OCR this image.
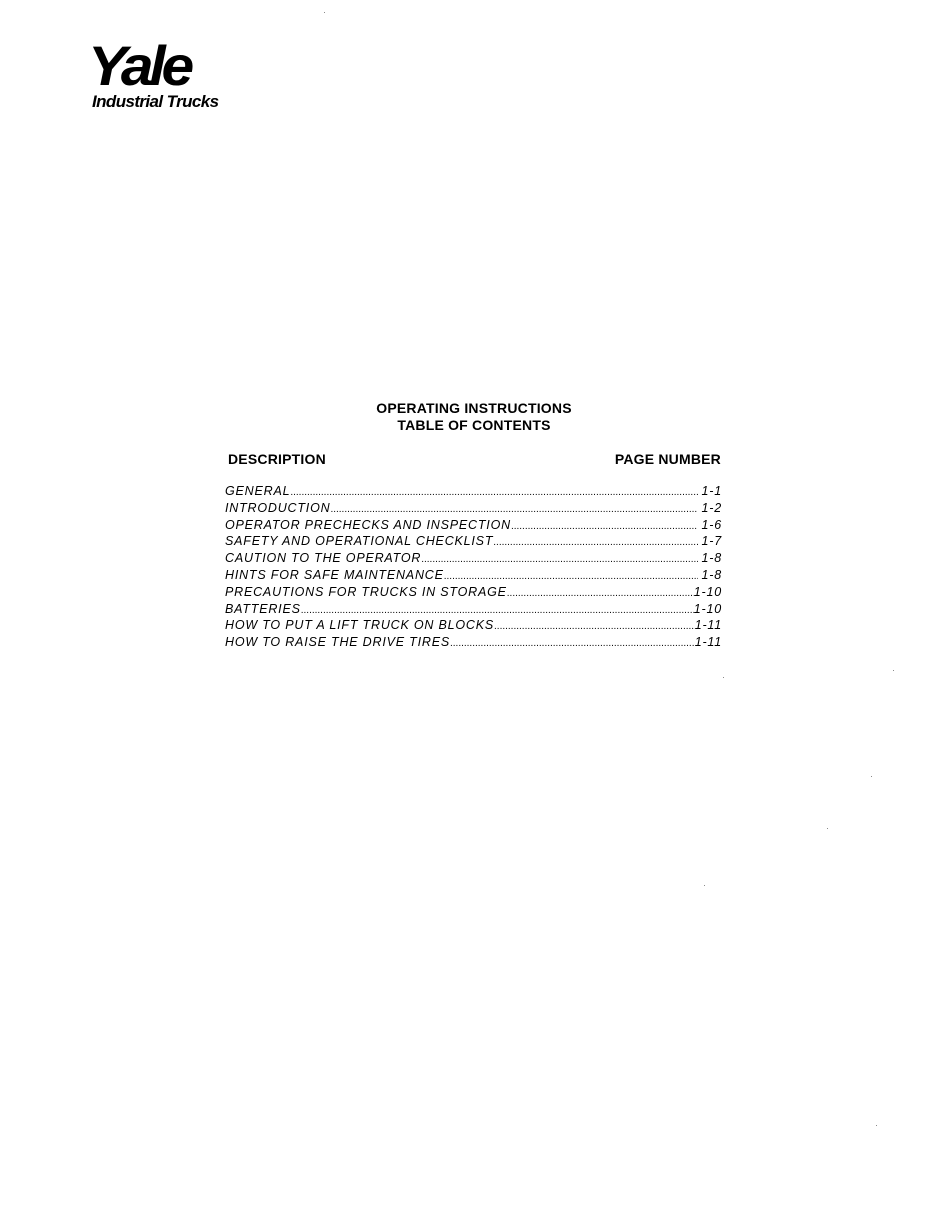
Yale
Industrial Trucks
OPERATING INSTRUCTIONS
TABLE OF CONTENTS
DESCRIPTION	PAGE NUMBER
GENERAL .....	1-1
INTRODUCTION .....	1-2
OPERATOR PRECHECKS AND INSPECTION .....	1-6
SAFETY AND OPERATIONAL CHECKLIST .....	1-7
CAUTION TO THE OPERATOR .....	1-8
HINTS FOR SAFE MAINTENANCE .....	1-8
PRECAUTIONS FOR TRUCKS IN STORAGE .....	1-10
BATTERIES .....	1-10
HOW TO PUT A LIFT TRUCK ON BLOCKS .....	1-11
HOW TO RAISE THE DRIVE TIRES .....	1-11
